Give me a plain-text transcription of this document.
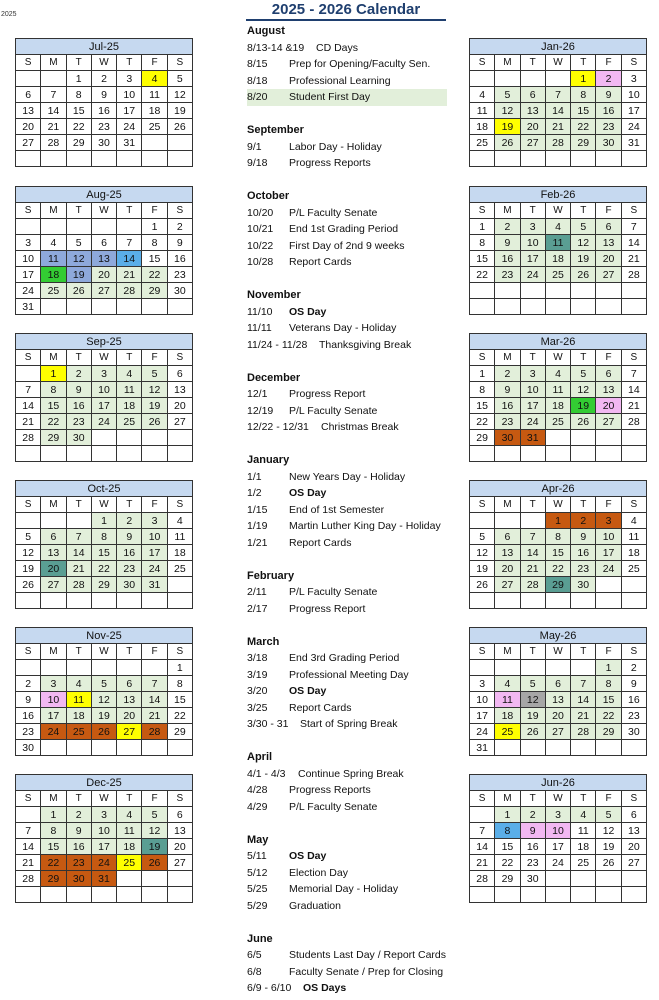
2025	2025 - 2026 Calendar
Jul-25						
S	M	T	W	T	F	S
		1	2	3	4	5
6	7	8	9	10	11	12
13	14	15	16	17	18	19
20	21	22	23	24	25	26
27	28	29	30	31		

Aug-25						
S	M	T	W	T	F	S
					1	2
3	4	5	6	7	8	9
10	11	12	13	14	15	16
17	18	19	20	21	22	23
24	25	26	27	28	29	30
31						
Sep-25						
S	M	T	W	T	F	S
	1	2	3	4	5	6
7	8	9	10	11	12	13
14	15	16	17	18	19	20
21	22	23	24	25	26	27
28	29	30				

Oct-25						
S	M	T	W	T	F	S
			1	2	3	4
5	6	7	8	9	10	11
12	13	14	15	16	17	18
19	20	21	22	23	24	25
26	27	28	29	30	31	

Nov-25						
S	M	T	W	T	F	S
						1
2	3	4	5	6	7	8
9	10	11	12	13	14	15
16	17	18	19	20	21	22
23	24	25	26	27	28	29
30						
Dec-25						
S	M	T	W	T	F	S
	1	2	3	4	5	6
7	8	9	10	11	12	13
14	15	16	17	18	19	20
21	22	23	24	25	26	27
28	29	30	31			

Jan-26						
S	M	T	W	T	F	S
				1	2	3
4	5	6	7	8	9	10
11	12	13	14	15	16	17
18	19	20	21	22	23	24
25	26	27	28	29	30	31

Feb-26						
S	M	T	W	T	F	S
1	2	3	4	5	6	7
8	9	10	11	12	13	14
15	16	17	18	19	20	21
22	23	24	25	26	27	28

Mar-26						
S	M	T	W	T	F	S
1	2	3	4	5	6	7
8	9	10	11	12	13	14
15	16	17	18	19	20	21
22	23	24	25	26	27	28
29	30	31				

Apr-26						
S	M	T	W	T	F	S
			1	2	3	4
5	6	7	8	9	10	11
12	13	14	15	16	17	18
19	20	21	22	23	24	25
26	27	28	29	30		

May-26						
S	M	T	W	T	F	S
					1	2
3	4	5	6	7	8	9
10	11	12	13	14	15	16
17	18	19	20	21	22	23
24	25	26	27	28	29	30
31						
Jun-26						
S	M	T	W	T	F	S
	1	2	3	4	5	6
7	8	9	10	11	12	13
14	15	16	17	18	19	20
21	22	23	24	25	26	27
28	29	30				

August
8/13-14 &19 CD Days
8/15 Prep for Opening/Faculty Sen.
8/18 Professional Learning
8/20 Student First Day
September
9/1	Labor Day - Holiday
9/18 Progress Reports
October
10/20 P/L Faculty Senate
10/21 End 1st Grading Period
10/22 First Day of 2nd 9 weeks
10/28 Report Cards
November
11/10 OS Day
11/11 Veterans Day - Holiday
11/24 - 11/28 Thanksgiving Break
December
12/1 Progress Report
12/19 P/L Faculty Senate
12/22 - 12/31 Christmas Break
January
1/1	New Years Day - Holiday
1/2	OS Day
1/15 End of 1st Semester
1/19 Martin Luther King Day - Holiday
1/21 Report Cards
February
2/11 P/L Faculty Senate
2/17 Progress Report
March
3/18 End 3rd Grading Period
3/19 Professional Meeting Day
3/20 OS Day
3/25 Report Cards
3/30 - 31 Start of Spring Break
April
4/1 - 4/3 Continue Spring Break
4/28 Progress Reports
4/29 P/L Faculty Senate
May
5/11 OS Day
5/12 Election Day
5/25 Memorial Day - Holiday
5/29 Graduation
June
6/5	Students Last Day / Report Cards
6/8	Faculty Senate / Prep for Closing
6/9 - 6/10 OS Days
